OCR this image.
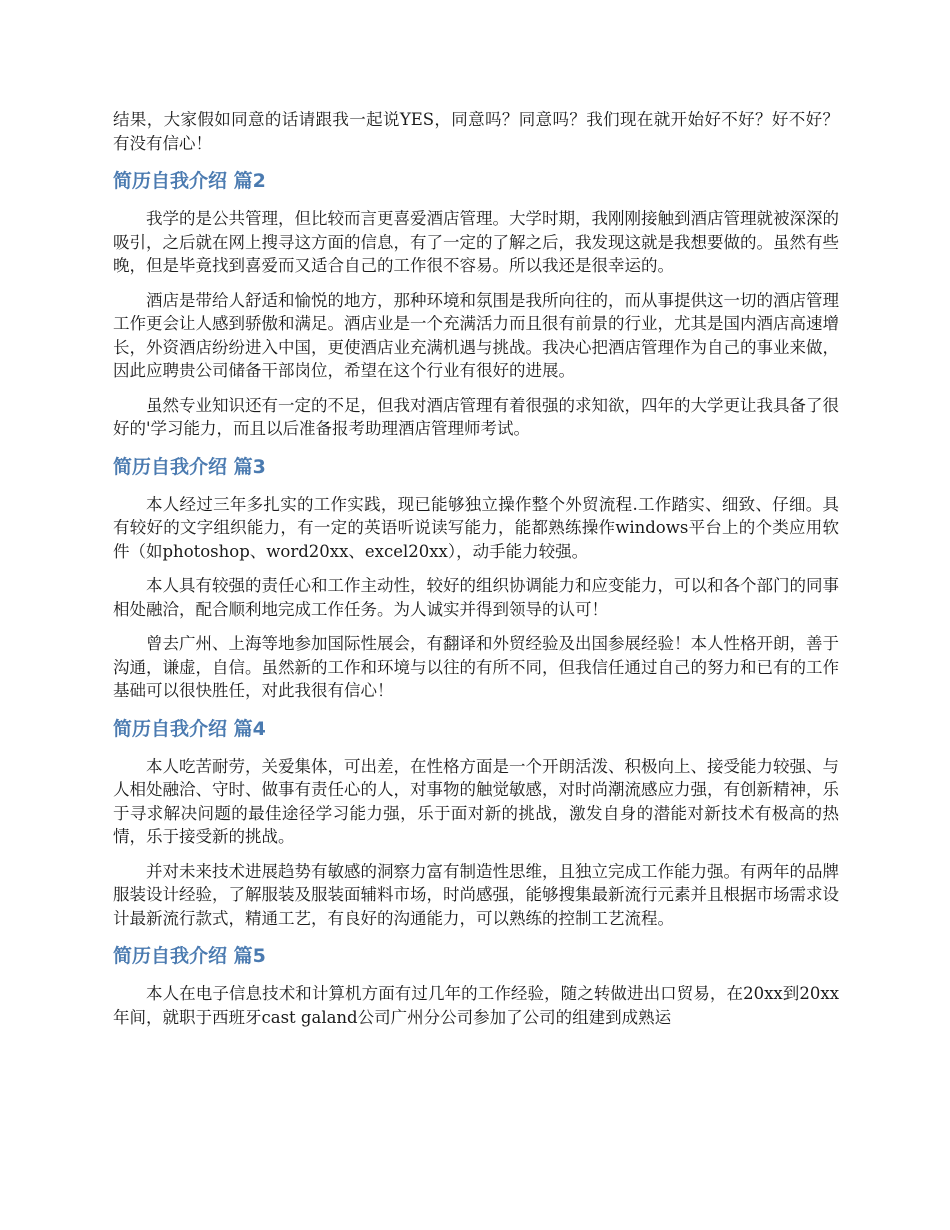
结果，大家假如同意的话请跟我一起说YES，同意吗？同意吗？我们现在就开始好不好？好不好？有没有信心！

简历自我介绍 篇2

我学的是公共管理，但比较而言更喜爱酒店管理。大学时期，我刚刚接触到酒店管理就被深深的吸引，之后就在网上搜寻这方面的信息，有了一定的了解之后，我发现这就是我想要做的。虽然有些晚，但是毕竟找到喜爱而又适合自己的工作很不容易。所以我还是很幸运的。

酒店是带给人舒适和愉悦的地方，那种环境和氛围是我所向往的，而从事提供这一切的酒店管理工作更会让人感到骄傲和满足。酒店业是一个充满活力而且很有前景的行业，尤其是国内酒店高速增长，外资酒店纷纷进入中国，更使酒店业充满机遇与挑战。我决心把酒店管理作为自己的事业来做，因此应聘贵公司储备干部岗位，希望在这个行业有很好的进展。

虽然专业知识还有一定的不足，但我对酒店管理有着很强的求知欲，四年的大学更让我具备了很好的'学习能力，而且以后准备报考助理酒店管理师考试。

简历自我介绍 篇3

本人经过三年多扎实的工作实践，现已能够独立操作整个外贸流程.工作踏实、细致、仔细。具有较好的文字组织能力，有一定的英语听说读写能力，能都熟练操作windows平台上的个类应用软件（如photoshop、word20xx、excel20xx），动手能力较强。

本人具有较强的责任心和工作主动性，较好的组织协调能力和应变能力，可以和各个部门的同事相处融洽，配合顺利地完成工作任务。为人诚实并得到领导的认可！

曾去广州、上海等地参加国际性展会，有翻译和外贸经验及出国参展经验！本人性格开朗，善于沟通，谦虚，自信。虽然新的工作和环境与以往的有所不同，但我信任通过自己的努力和已有的工作基础可以很快胜任，对此我很有信心！

简历自我介绍 篇4

本人吃苦耐劳，关爱集体，可出差，在性格方面是一个开朗活泼、积极向上、接受能力较强、与人相处融洽、守时、做事有责任心的人，对事物的触觉敏感，对时尚潮流感应力强，有创新精神，乐于寻求解决问题的最佳途径学习能力强，乐于面对新的挑战，激发自身的潜能对新技术有极高的热情，乐于接受新的挑战。

并对未来技术进展趋势有敏感的洞察力富有制造性思维，且独立完成工作能力强。有两年的品牌服装设计经验，了解服装及服装面辅料市场，时尚感强，能够搜集最新流行元素并且根据市场需求设计最新流行款式，精通工艺，有良好的沟通能力，可以熟练的控制工艺流程。

简历自我介绍 篇5

本人在电子信息技术和计算机方面有过几年的工作经验，随之转做进出口贸易，在20xx到20xx年间，就职于西班牙cast galand公司广州分公司参加了公司的组建到成熟运
